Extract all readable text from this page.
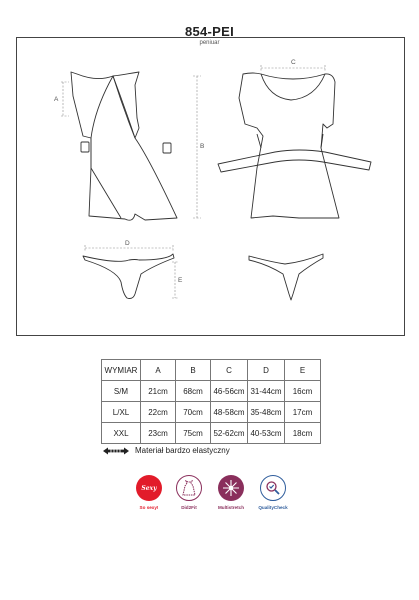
854-PEI
peniuar
A
B
C
D
E
WYMIAR	A	B	C	D	E
S/M	21cm	68cm	46-56cm	31-44cm	16cm
L/XL	22cm	70cm	48-58cm	35-48cm	17cm
XXL	23cm	75cm	52-62cm	40-53cm	18cm
Materiał bardzo elastyczny
Sexy
So sexy!	Did2Fit	Multistretch	QualityCheck
